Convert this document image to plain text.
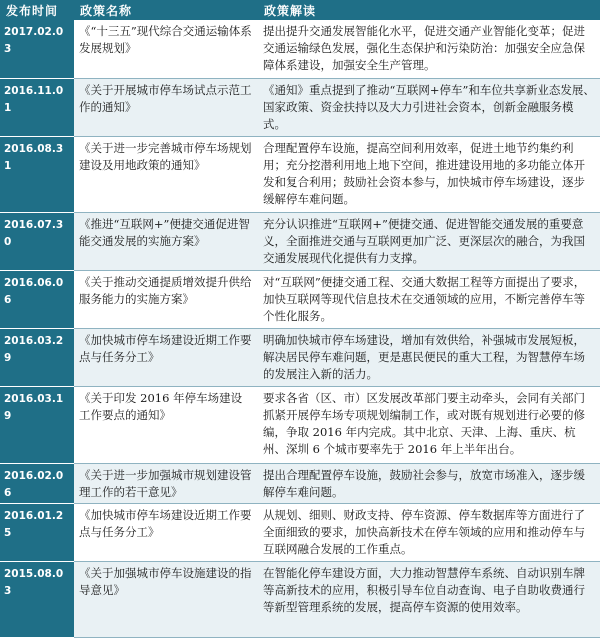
发布时间	政策名称	政策解读
2017.02.03	《“十三五”现代综合交通运输体系发展规划》	提出提升交通发展智能化水平，促进交通产业智能化变革；促进交通运输绿色发展，强化生态保护和污染防治：加强安全应急保障体系建设，加强安全生产管理。
2016.11.01	《关于开展城市停车场试点示范工作的通知》	《通知》重点提到了推动“互联网+停车”和车位共享新业态发展、国家政策、资金扶持以及大力引进社会资本，创新金融服务模式。
2016.08.31	《关于进一步完善城市停车场规划建设及用地政策的通知》	合理配置停车设施，提高空间利用效率，促进土地节约集约利用；充分挖潜利用地上地下空间，推进建设用地的多功能立体开发和复合利用；鼓励社会资本参与，加快城市停车场建设，逐步缓解停车难问题。
2016.07.30	《推进“互联网+”便捷交通促进智能交通发展的实施方案》	充分认识推进“互联网+”便捷交通、促进智能交通发展的重要意义，全面推进交通与互联网更加广泛、更深层次的融合，为我国交通发展现代化提供有力支撑。
2016.06.06	《关于推动交通提质增效提升供给服务能力的实施方案》	对“互联网”便捷交通工程、交通大数据工程等方面提出了要求，加快互联网等现代信息技术在交通领域的应用，不断完善停车等个性化服务。
2016.03.29	《加快城市停车场建设近期工作要点与任务分工》	明确加快城市停车场建设，增加有效供给，补强城市发展短板，解决居民停车难问题，更是惠民便民的重大工程，为智慧停车场的发展注入新的活力。
2016.03.19	《关于印发 2016 年停车场建设工作要点的通知》	要求各省（区、市）区发展改革部门要主动牵头，会同有关部门抓紧开展停车场专项规划编制工作，或对既有规划进行必要的修编，争取 2016 年内完成。其中北京、天津、上海、重庆、杭州、深圳 6 个城市要率先于 2016 年上半年出台。
2016.02.06	《关于进一步加强城市规划建设管理工作的若干意见》	提出合理配置停车设施，鼓励社会参与，放宽市场准入，逐步缓解停车难问题。
2016.01.25	《加快城市停车场建设近期工作要点与任务分工》	从规划、细则、财政支持、停车资源、停车数据库等方面进行了全面细致的要求，加快高新技术在停车领域的应用和推动停车与互联网融合发展的工作重点。
2015.08.03	《关于加强城市停车设施建设的指导意见》	在智能化停车建设方面，大力推动智慧停车系统、自动识别车牌等高新技术的应用，积极引导车位自动查询、电子自助收费通行等新型管理系统的发展，提高停车资源的使用效率。
